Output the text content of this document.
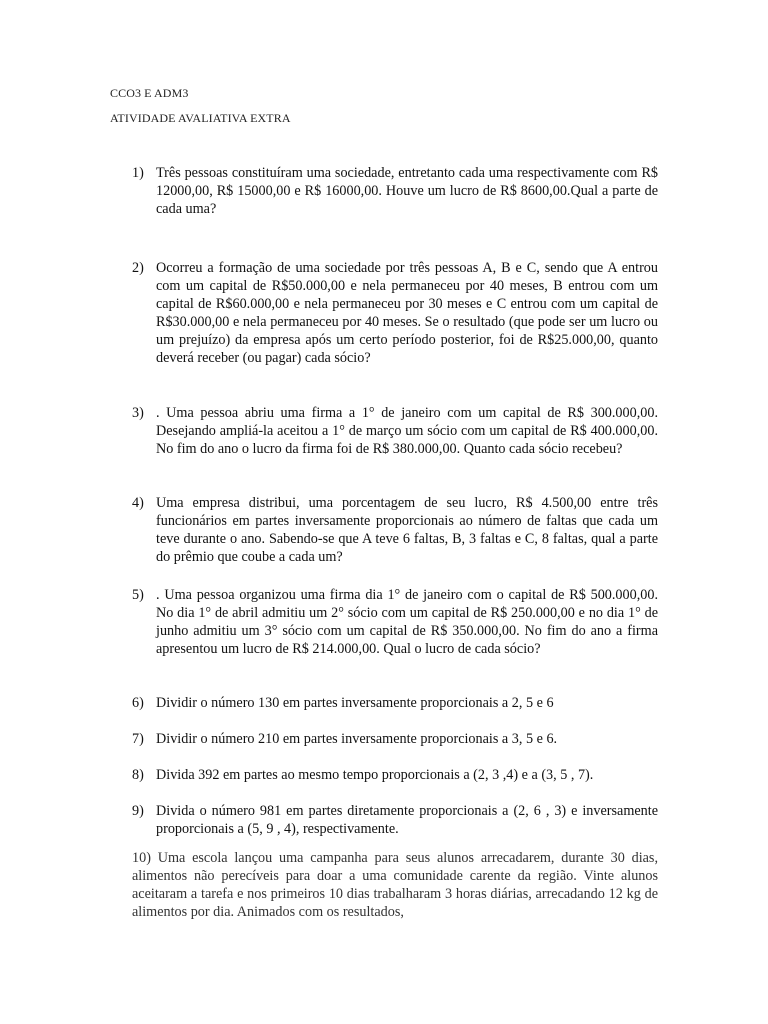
CCO3 E ADM3
ATIVIDADE AVALIATIVA EXTRA
1) Três pessoas constituíram uma sociedade, entretanto cada uma respectivamente com R$ 12000,00, R$ 15000,00 e R$ 16000,00. Houve um lucro de R$ 8600,00.Qual a parte de cada uma?
2) Ocorreu a formação de uma sociedade por três pessoas A, B e C, sendo que A entrou com um capital de R$50.000,00 e nela permaneceu por 40 meses, B entrou com um capital de R$60.000,00 e nela permaneceu por 30 meses e C entrou com um capital de R$30.000,00 e nela permaneceu por 40 meses. Se o resultado (que pode ser um lucro ou um prejuízo) da empresa após um certo período posterior, foi de R$25.000,00, quanto deverá receber (ou pagar) cada sócio?
3) . Uma pessoa abriu uma firma a 1° de janeiro com um capital de R$ 300.000,00. Desejando ampliá-la aceitou a 1° de março um sócio com um capital de R$ 400.000,00. No fim do ano o lucro da firma foi de R$ 380.000,00. Quanto cada sócio recebeu?
4) Uma empresa distribui, uma porcentagem de seu lucro, R$ 4.500,00 entre três funcionários em partes inversamente proporcionais ao número de faltas que cada um teve durante o ano. Sabendo-se que A teve 6 faltas, B, 3 faltas e C, 8 faltas, qual a parte do prêmio que coube a cada um?
5) . Uma pessoa organizou uma firma dia 1° de janeiro com o capital de R$ 500.000,00. No dia 1° de abril admitiu um 2° sócio com um capital de R$ 250.000,00 e no dia 1° de junho admitiu um 3° sócio com um capital de R$ 350.000,00. No fim do ano a firma apresentou um lucro de R$ 214.000,00. Qual o lucro de cada sócio?
6) Dividir o número 130 em partes inversamente proporcionais a 2, 5 e 6
7) Dividir o número 210 em partes inversamente proporcionais a 3, 5 e 6.
8) Divida 392 em partes ao mesmo tempo proporcionais a (2, 3 ,4) e a (3, 5 , 7).
9) Divida o número 981 em partes diretamente proporcionais a (2, 6 , 3) e inversamente proporcionais a (5, 9 , 4), respectivamente.
10) Uma escola lançou uma campanha para seus alunos arrecadarem, durante 30 dias, alimentos não perecíveis para doar a uma comunidade carente da região. Vinte alunos aceitaram a tarefa e nos primeiros 10 dias trabalharam 3 horas diárias, arrecadando 12 kg de alimentos por dia. Animados com os resultados,
